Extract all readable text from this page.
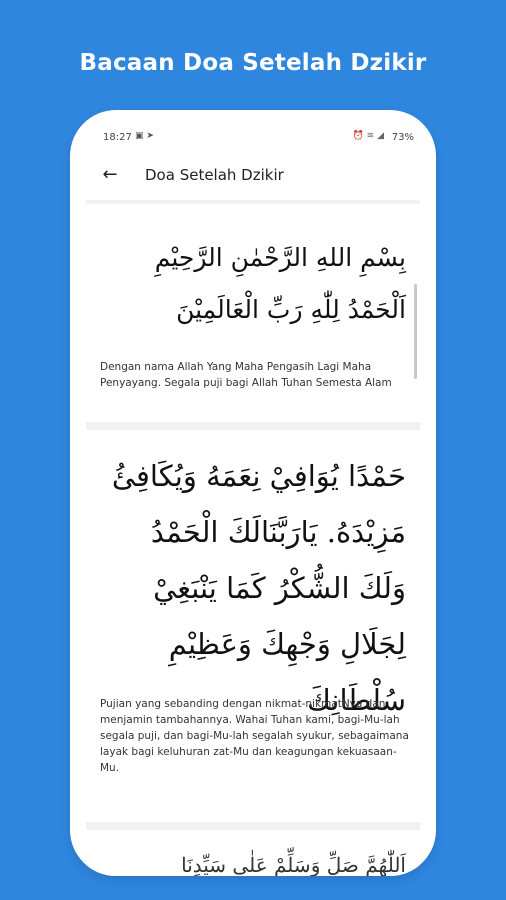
Bacaan Doa Setelah Dzikir
18:27 ▣ ➤	⏰ ≋ ◢ 73%
← Doa Setelah Dzikir
بِسْمِ اللهِ الرَّحْمٰنِ الرَّحِيْمِ اَلْحَمْدُ لِلّٰهِ رَبِّ الْعَالَمِيْنَ
Dengan nama Allah Yang Maha Pengasih Lagi Maha Penyayang. Segala puji bagi Allah Tuhan Semesta Alam
حَمْدًا يُوَافِيْ نِعَمَهُ وَيُكَافِئُ مَزِيْدَهُ. يَارَبَّنَالَكَ الْحَمْدُ وَلَكَ الشُّكْرُ كَمَا يَنْبَغِيْ لِجَلَالِ وَجْهِكَ وَعَظِيْمِ سُلْطَانِكَ
Pujian yang sebanding dengan nikmat-nikmatNya dan menjamin tambahannya. Wahai Tuhan kami, bagi-Mu-lah segala puji, dan bagi-Mu-lah segalah syukur, sebagaimana layak bagi keluhuran zat-Mu dan keagungan kekuasaan-Mu.
اَللّٰهُمَّ صَلِّ وَسَلِّمْ عَلٰى سَيِّدِنَا
